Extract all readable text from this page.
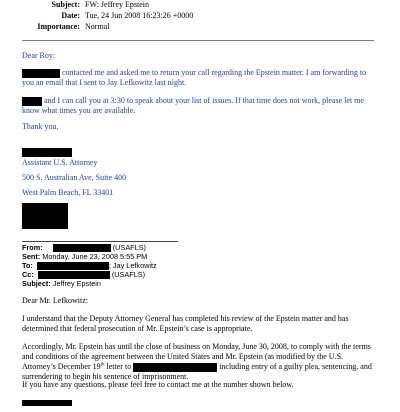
Subject: FW: Jeffrey Epstein
Date: Tue, 24 Jun 2008 16:23:26 +0000
Importance: Normal
Dear Roy:
contacted me and asked me to return your call regarding the Epstein matter. I am forwarding to you an email that I sent to Jay Lefkowitz last night.
and I can call you at 3:30 to speak about your list of issues. If that time does not work, please let me know what times you are available.
Thank you.
Assistant U.S. Attorney
500 S. Australian Ave, Suite 400
West Palm Beach, FL 33401
From:	(USAFLS)
Sent: Monday, June 23, 2008 5:55 PM
To:	; Jay Lefkowitz
Cc:	(USAFLS)
Subject: Jeffrey Epstein
Dear Mr. Lefkowitz:
I understand that the Deputy Attorney General has completed his review of the Epstein matter and has determined that federal prosecution of Mr. Epstein’s case is appropriate.
Accordingly, Mr. Epstein has until the close of business on Monday, June 30, 2008, to comply with the terms and conditions of the agreement between the United States and Mr. Epstein (as modified by the U.S. Attorney’s December 19th letter to	including entry of a guilty plea, sentencing, and surrendering to begin his sentence of imprisonment.
If you have any questions, please feel free to contact me at the number shown below.
